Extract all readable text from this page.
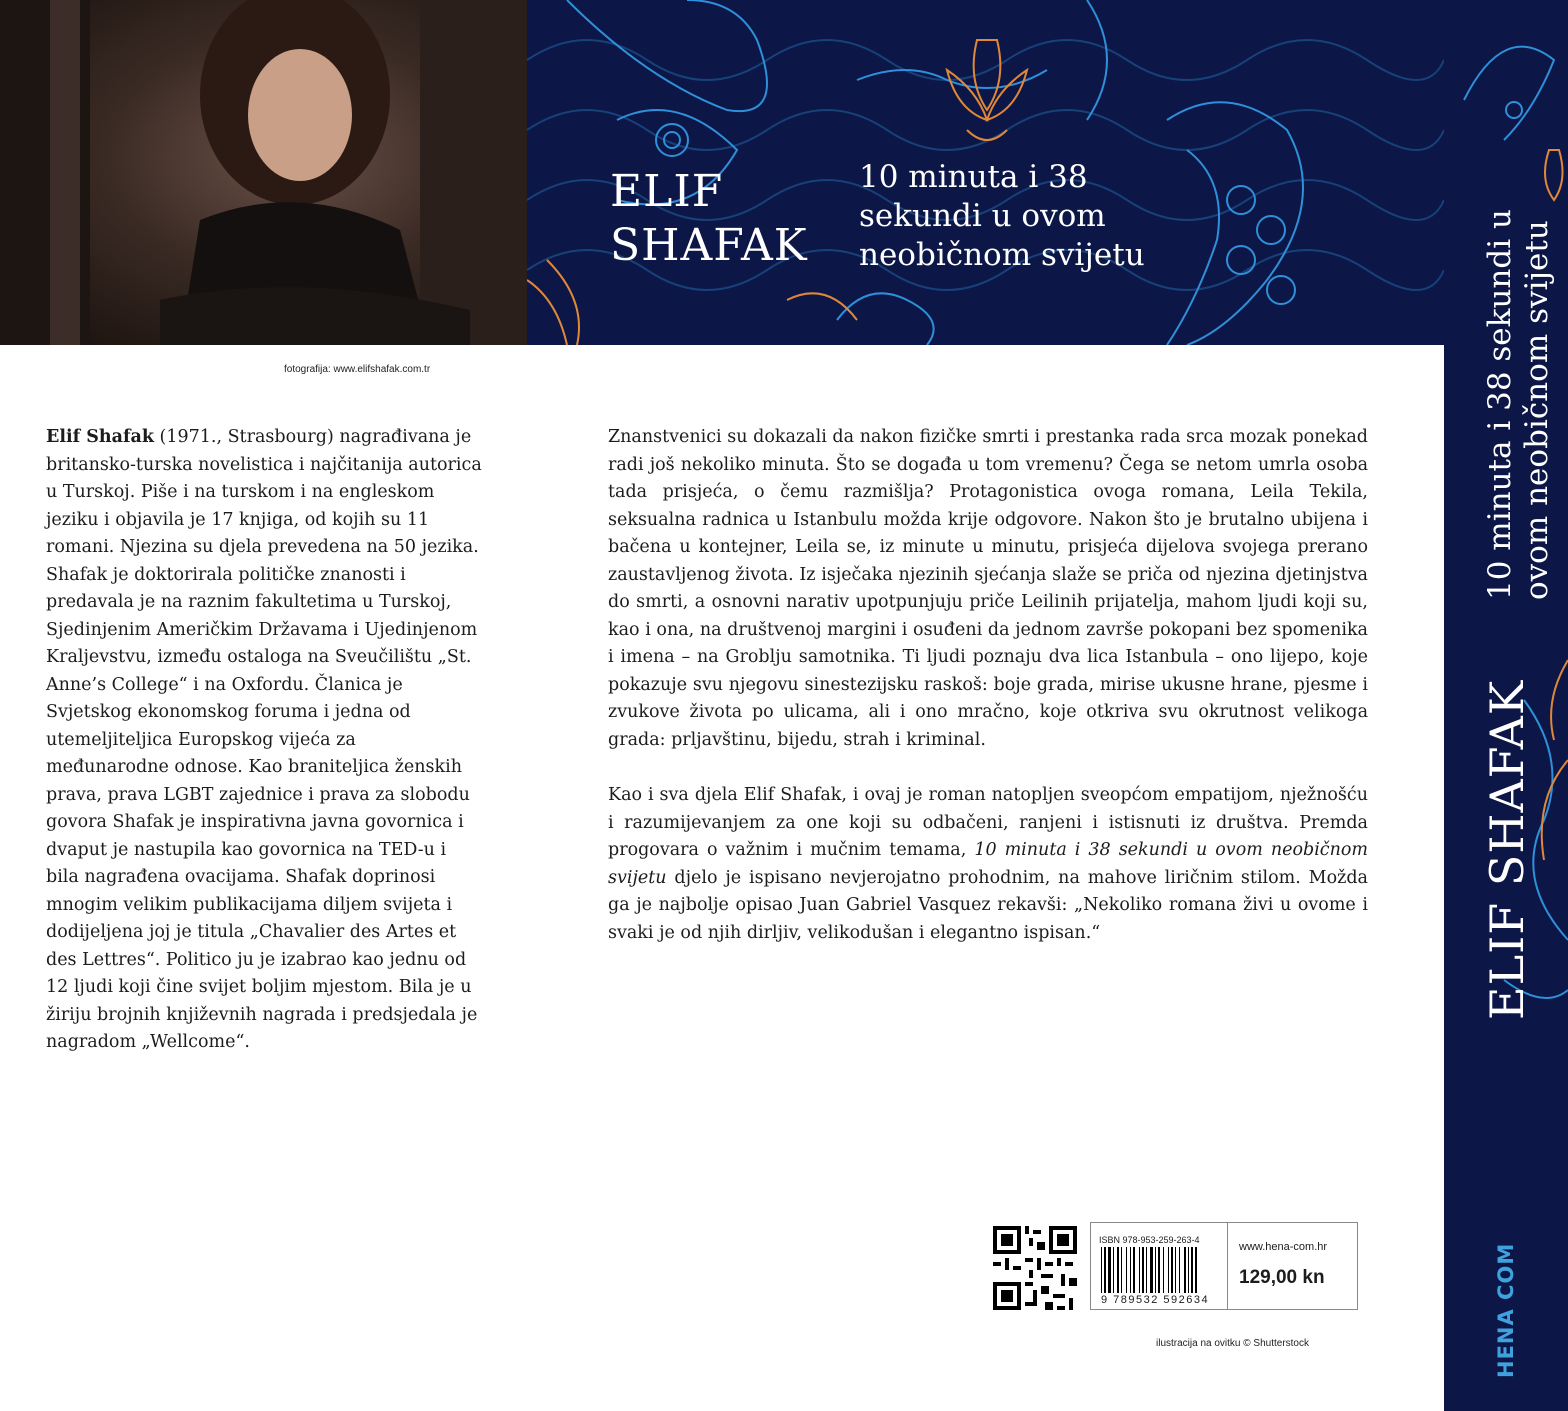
ELIF
SHAFAK
10 minuta i 38
sekundi u ovom
neobičnom svijetu	10 minuta i 38 sekundi u
ovom neobičnom svijetu
ELIF SHAFAK

HENA COM

fotografija: www.elifshafak.com.tr

Elif Shafak (1971., Strasbourg) nagrađivana je britansko-turska novelistica i najčitanija autorica u Turskoj. Piše i na turskom i na engleskom jeziku i objavila je 17 knjiga, od kojih su 11 romani. Njezina su djela prevedena na 50 jezika. Shafak je doktorirala političke znanosti i predavala je na raznim fakultetima u Turskoj, Sjedinjenim Američkim Državama i Ujedinjenom Kraljevstvu, između ostaloga na Sveučilištu „St. Anne’s College“ i na Oxfordu. Članica je Svjetskog ekonomskog foruma i jedna od utemeljiteljica Europskog vijeća za međunarodne odnose. Kao braniteljica ženskih prava, prava LGBT zajednice i prava za slobodu govora Shafak je inspirativna javna govornica i dvaput je nastupila kao govornica na TED-u i bila nagrađena ovacijama. Shafak doprinosi mnogim velikim publikacijama diljem svijeta i dodijeljena joj je titula „Chavalier des Artes et des Lettres“. Politico ju je izabrao kao jednu od 12 ljudi koji čine svijet boljim mjestom. Bila je u žiriju brojnih književnih nagrada i predsjedala je nagradom „Wellcome“.

Znanstvenici su dokazali da nakon fizičke smrti i prestanka rada srca mozak ponekad radi još nekoliko minuta. Što se događa u tom vremenu? Čega se netom umrla osoba tada prisjeća, o čemu razmišlja? Protagonistica ovoga romana, Leila Tekila, seksualna radnica u Istanbulu možda krije odgovore. Nakon što je brutalno ubijena i bačena u kontejner, Leila se, iz minute u minutu, prisjeća dijelova svojega prerano zaustavljenog života. Iz isječaka njezinih sjećanja slaže se priča od njezina djetinjstva do smrti, a osnovni narativ upotpunjuju priče Leilinih prijatelja, mahom ljudi koji su, kao i ona, na društvenoj margini i osuđeni da jednom završe pokopani bez spomenika i imena – na Groblju samotnika. Ti ljudi poznaju dva lica Istanbula – ono lijepo, koje pokazuje svu njegovu sinestezijsku raskoš: boje grada, mirise ukusne hrane, pjesme i zvukove života po ulicama, ali i ono mračno, koje otkriva svu okrutnost velikoga grada: prljavštinu, bijedu, strah i kriminal.

Kao i sva djela Elif Shafak, i ovaj je roman natopljen sveopćom empatijom, nježnošću i razumijevanjem za one koji su odbačeni, ranjeni i istisnuti iz društva. Premda progovara o važnim i mučnim temama, 10 minuta i 38 sekundi u ovom neobičnom svijetu djelo je ispisano nevjerojatno prohodnim, na mahove liričnim stilom. Možda ga je najbolje opisao Juan Gabriel Vasquez rekavši: „Nekoliko romana živi u ovome i svaki je od njih dirljiv, velikodušan i elegantno ispisan.“

ISBN 978-953-259-263-4

9 789532 592634

www.hena-com.hr

129,00 kn

ilustracija na ovitku © Shutterstock
